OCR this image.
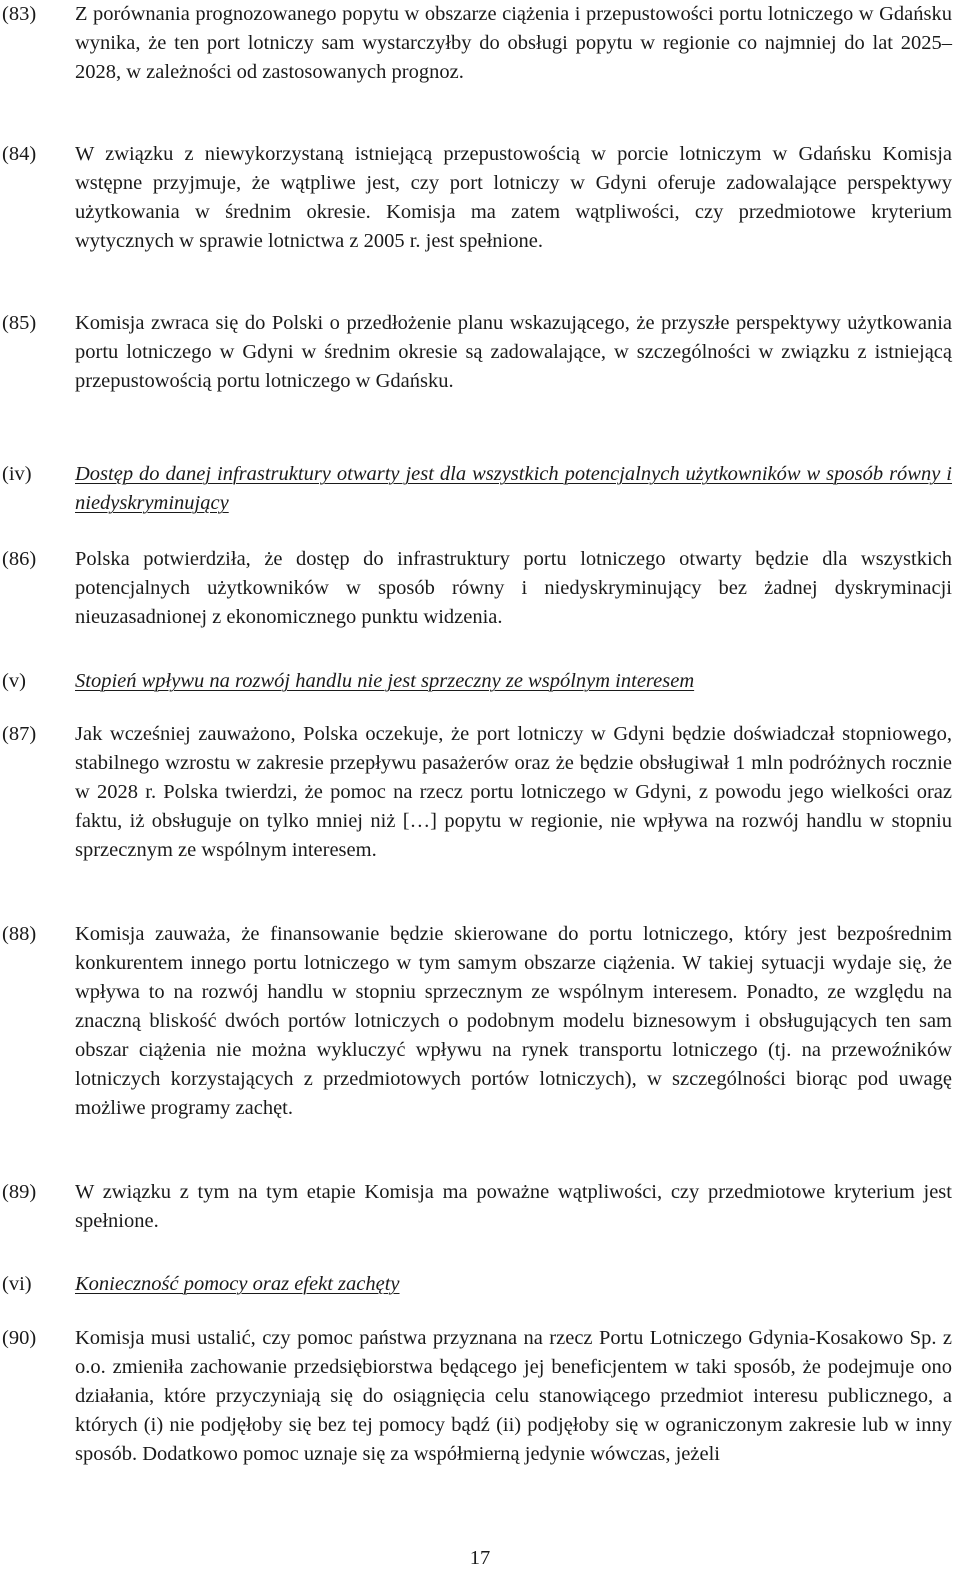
(83) Z porównania prognozowanego popytu w obszarze ciążenia i przepustowości portu lotniczego w Gdańsku wynika, że ten port lotniczy sam wystarczyłby do obsługi popytu w regionie co najmniej do lat 2025–2028, w zależności od zastosowanych prognoz.
(84) W związku z niewykorzystaną istniejącą przepustowością w porcie lotniczym w Gdańsku Komisja wstępne przyjmuje, że wątpliwe jest, czy port lotniczy w Gdyni oferuje zadowalające perspektywy użytkowania w średnim okresie. Komisja ma zatem wątpliwości, czy przedmiotowe kryterium wytycznych w sprawie lotnictwa z 2005 r. jest spełnione.
(85) Komisja zwraca się do Polski o przedłożenie planu wskazującego, że przyszłe perspektywy użytkowania portu lotniczego w Gdyni w średnim okresie są zadowalające, w szczególności w związku z istniejącą przepustowością portu lotniczego w Gdańsku.
(iv) Dostęp do danej infrastruktury otwarty jest dla wszystkich potencjalnych użytkowników w sposób równy i niedyskryminujący
(86) Polska potwierdziła, że dostęp do infrastruktury portu lotniczego otwarty będzie dla wszystkich potencjalnych użytkowników w sposób równy i niedyskryminujący bez żadnej dyskryminacji nieuzasadnionej z ekonomicznego punktu widzenia.
(v) Stopień wpływu na rozwój handlu nie jest sprzeczny ze wspólnym interesem
(87) Jak wcześniej zauważono, Polska oczekuje, że port lotniczy w Gdyni będzie doświadczał stopniowego, stabilnego wzrostu w zakresie przepływu pasażerów oraz że będzie obsługiwał 1 mln podróżnych rocznie w 2028 r. Polska twierdzi, że pomoc na rzecz portu lotniczego w Gdyni, z powodu jego wielkości oraz faktu, iż obsługuje on tylko mniej niż […] popytu w regionie, nie wpływa na rozwój handlu w stopniu sprzecznym ze wspólnym interesem.
(88) Komisja zauważa, że finansowanie będzie skierowane do portu lotniczego, który jest bezpośrednim konkurentem innego portu lotniczego w tym samym obszarze ciążenia. W takiej sytuacji wydaje się, że wpływa to na rozwój handlu w stopniu sprzecznym ze wspólnym interesem. Ponadto, ze względu na znaczną bliskość dwóch portów lotniczych o podobnym modelu biznesowym i obsługujących ten sam obszar ciążenia nie można wykluczyć wpływu na rynek transportu lotniczego (tj. na przewoźników lotniczych korzystających z przedmiotowych portów lotniczych), w szczególności biorąc pod uwagę możliwe programy zachęt.
(89) W związku z tym na tym etapie Komisja ma poważne wątpliwości, czy przedmiotowe kryterium jest spełnione.
(vi) Konieczność pomocy oraz efekt zachęty
(90) Komisja musi ustalić, czy pomoc państwa przyznana na rzecz Portu Lotniczego Gdynia-Kosakowo Sp. z o.o. zmieniła zachowanie przedsiębiorstwa będącego jej beneficjentem w taki sposób, że podejmuje ono działania, które przyczyniają się do osiągnięcia celu stanowiącego przedmiot interesu publicznego, a których (i) nie podjęłoby się bez tej pomocy bądź (ii) podjęłoby się w ograniczonym zakresie lub w inny sposób. Dodatkowo pomoc uznaje się za współmierną jedynie wówczas, jeżeli
17
